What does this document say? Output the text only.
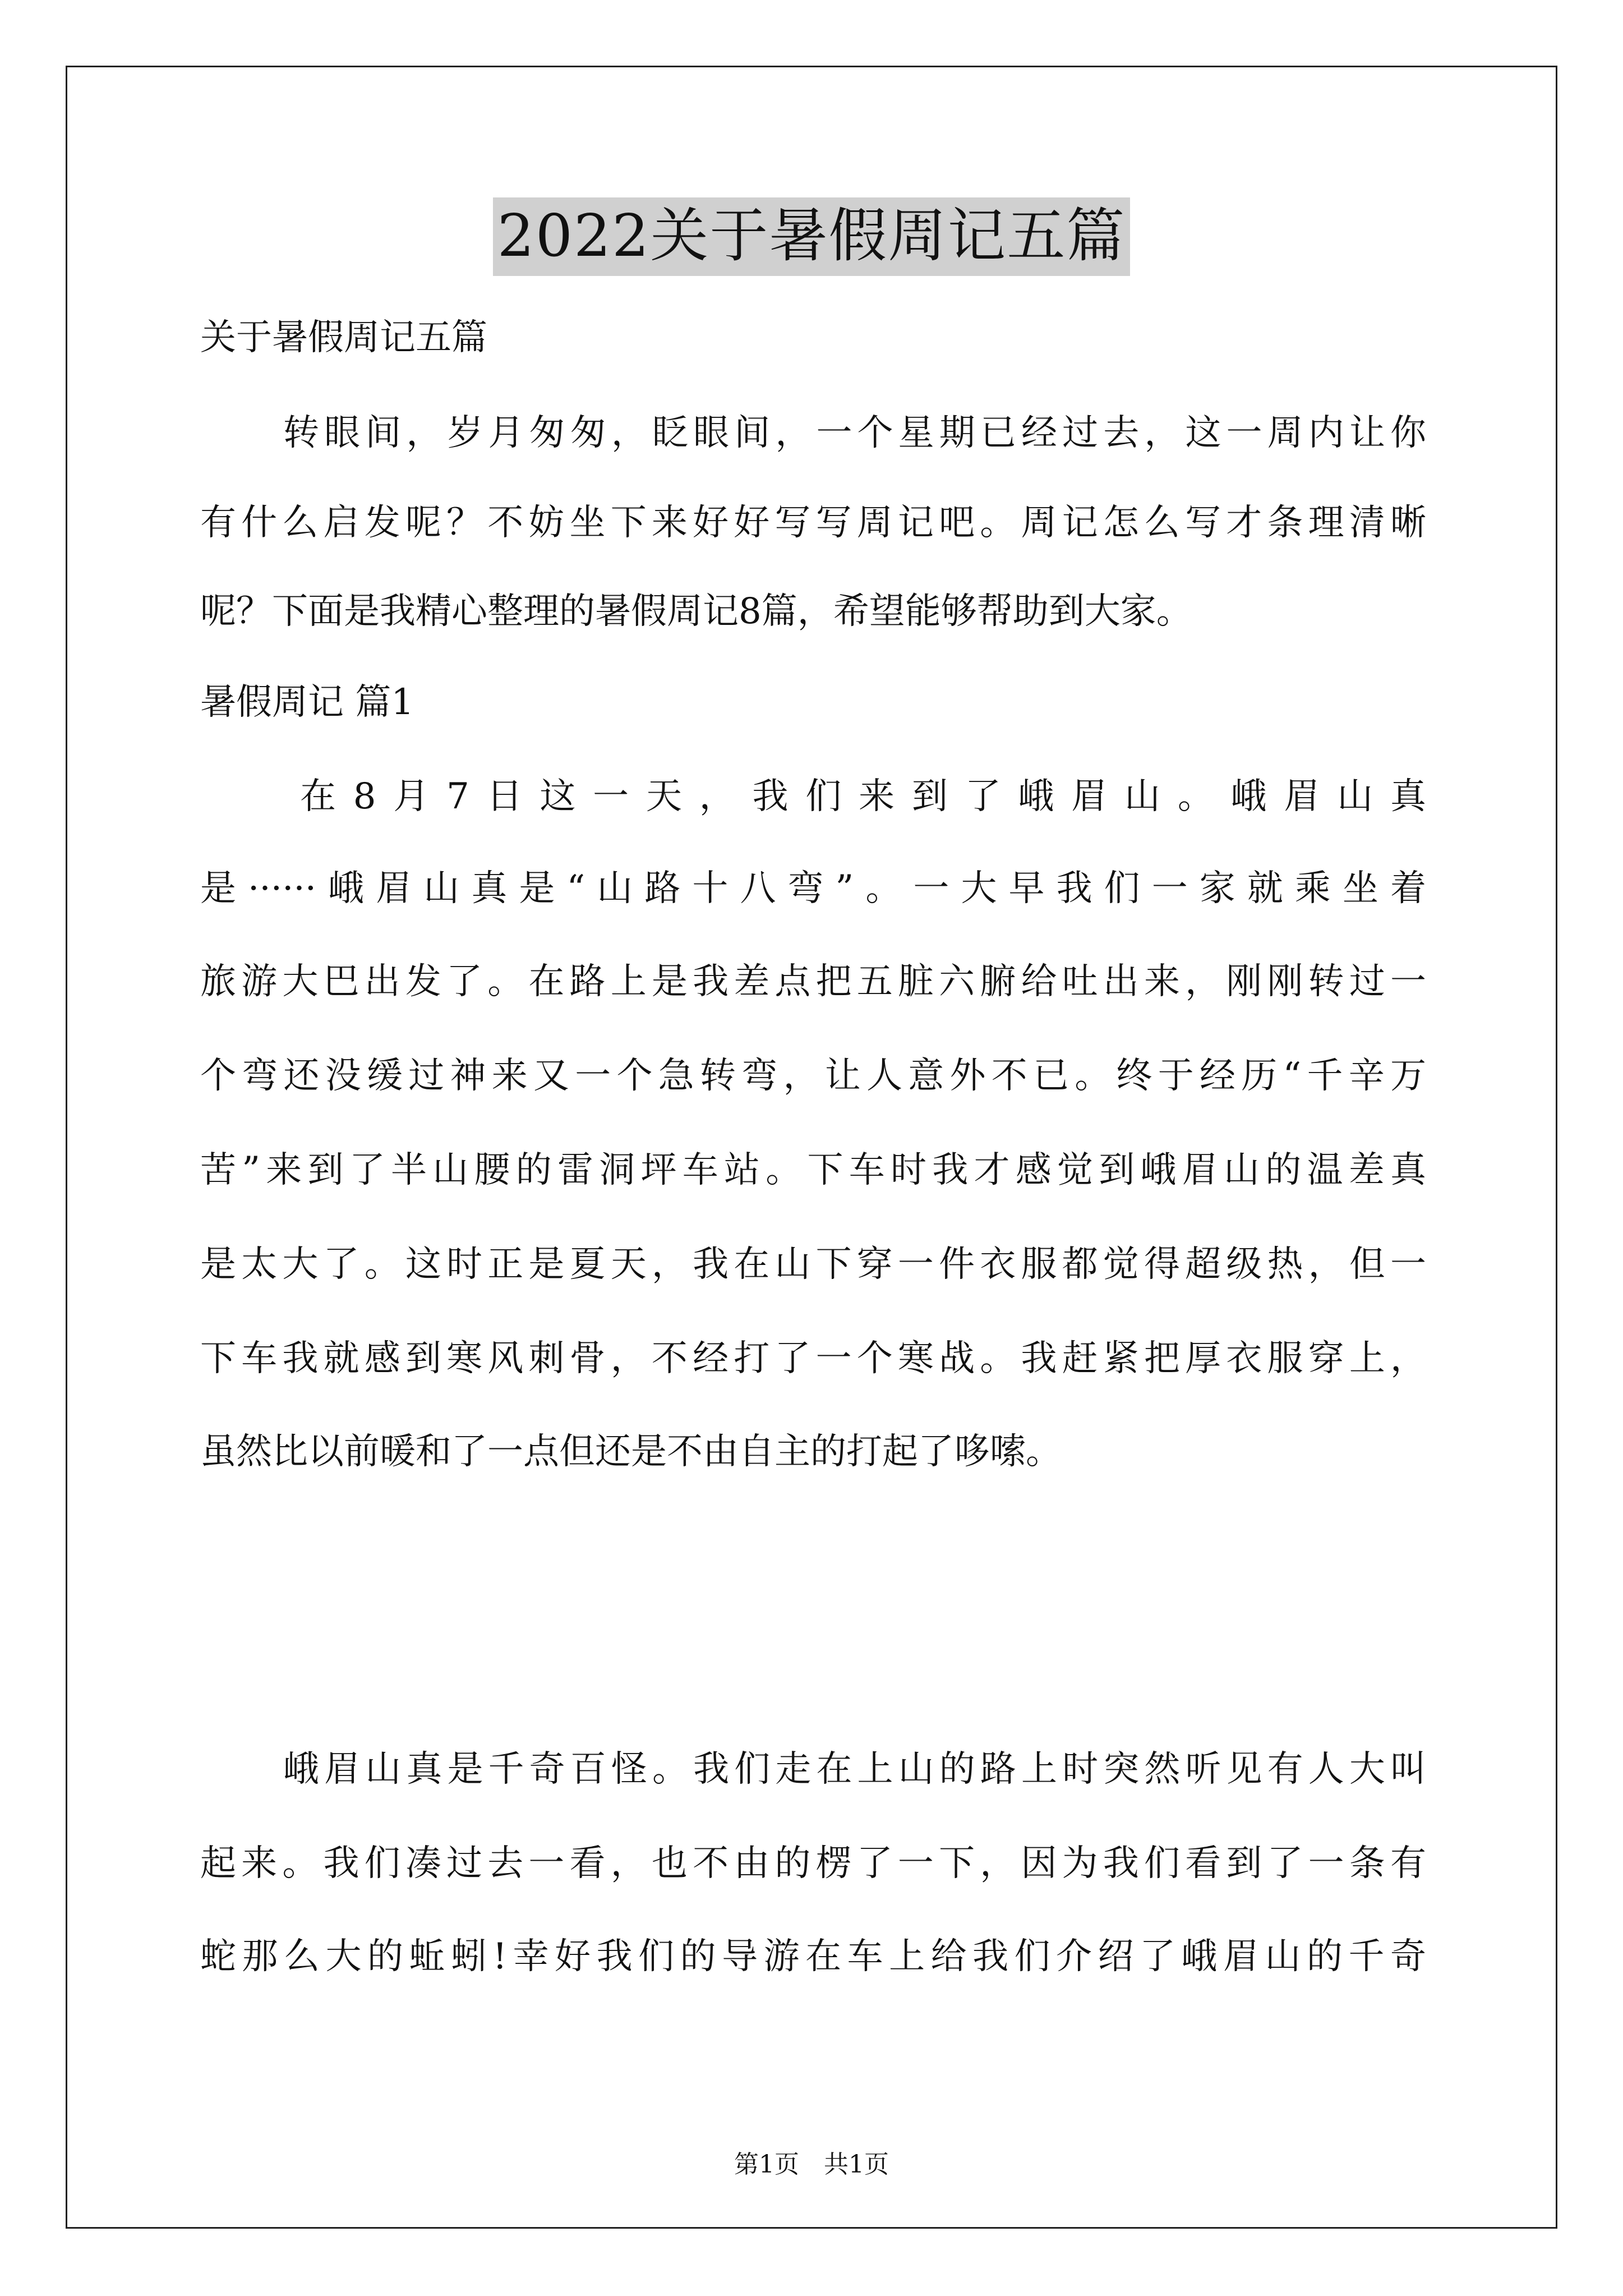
2022关于暑假周记五篇
关于暑假周记五篇
转眼间，岁月匆匆，眨眼间，一个星期已经过去，这一周内让你
有什么启发呢？不妨坐下来好好写写周记吧。周记怎么写才条理清晰
呢？下面是我精心整理的暑假周记8篇，希望能够帮助到大家。
暑假周记 篇1
在8月7日这一天，我们来到了峨眉山。峨眉山真
是······峨眉山真是“山路十八弯”。一大早我们一家就乘坐着
旅游大巴出发了。在路上是我差点把五脏六腑给吐出来，刚刚转过一
个弯还没缓过神来又一个急转弯，让人意外不已。终于经历“千辛万
苦”来到了半山腰的雷洞坪车站。下车时我才感觉到峨眉山的温差真
是太大了。这时正是夏天，我在山下穿一件衣服都觉得超级热，但一
下车我就感到寒风刺骨，不经打了一个寒战。我赶紧把厚衣服穿上，
虽然比以前暖和了一点但还是不由自主的打起了哆嗦。
峨眉山真是千奇百怪。我们走在上山的路上时突然听见有人大叫
起来。我们凑过去一看，也不由的楞了一下，因为我们看到了一条有
蛇那么大的蚯蚓!幸好我们的导游在车上给我们介绍了峨眉山的千奇
第1页　共1页
